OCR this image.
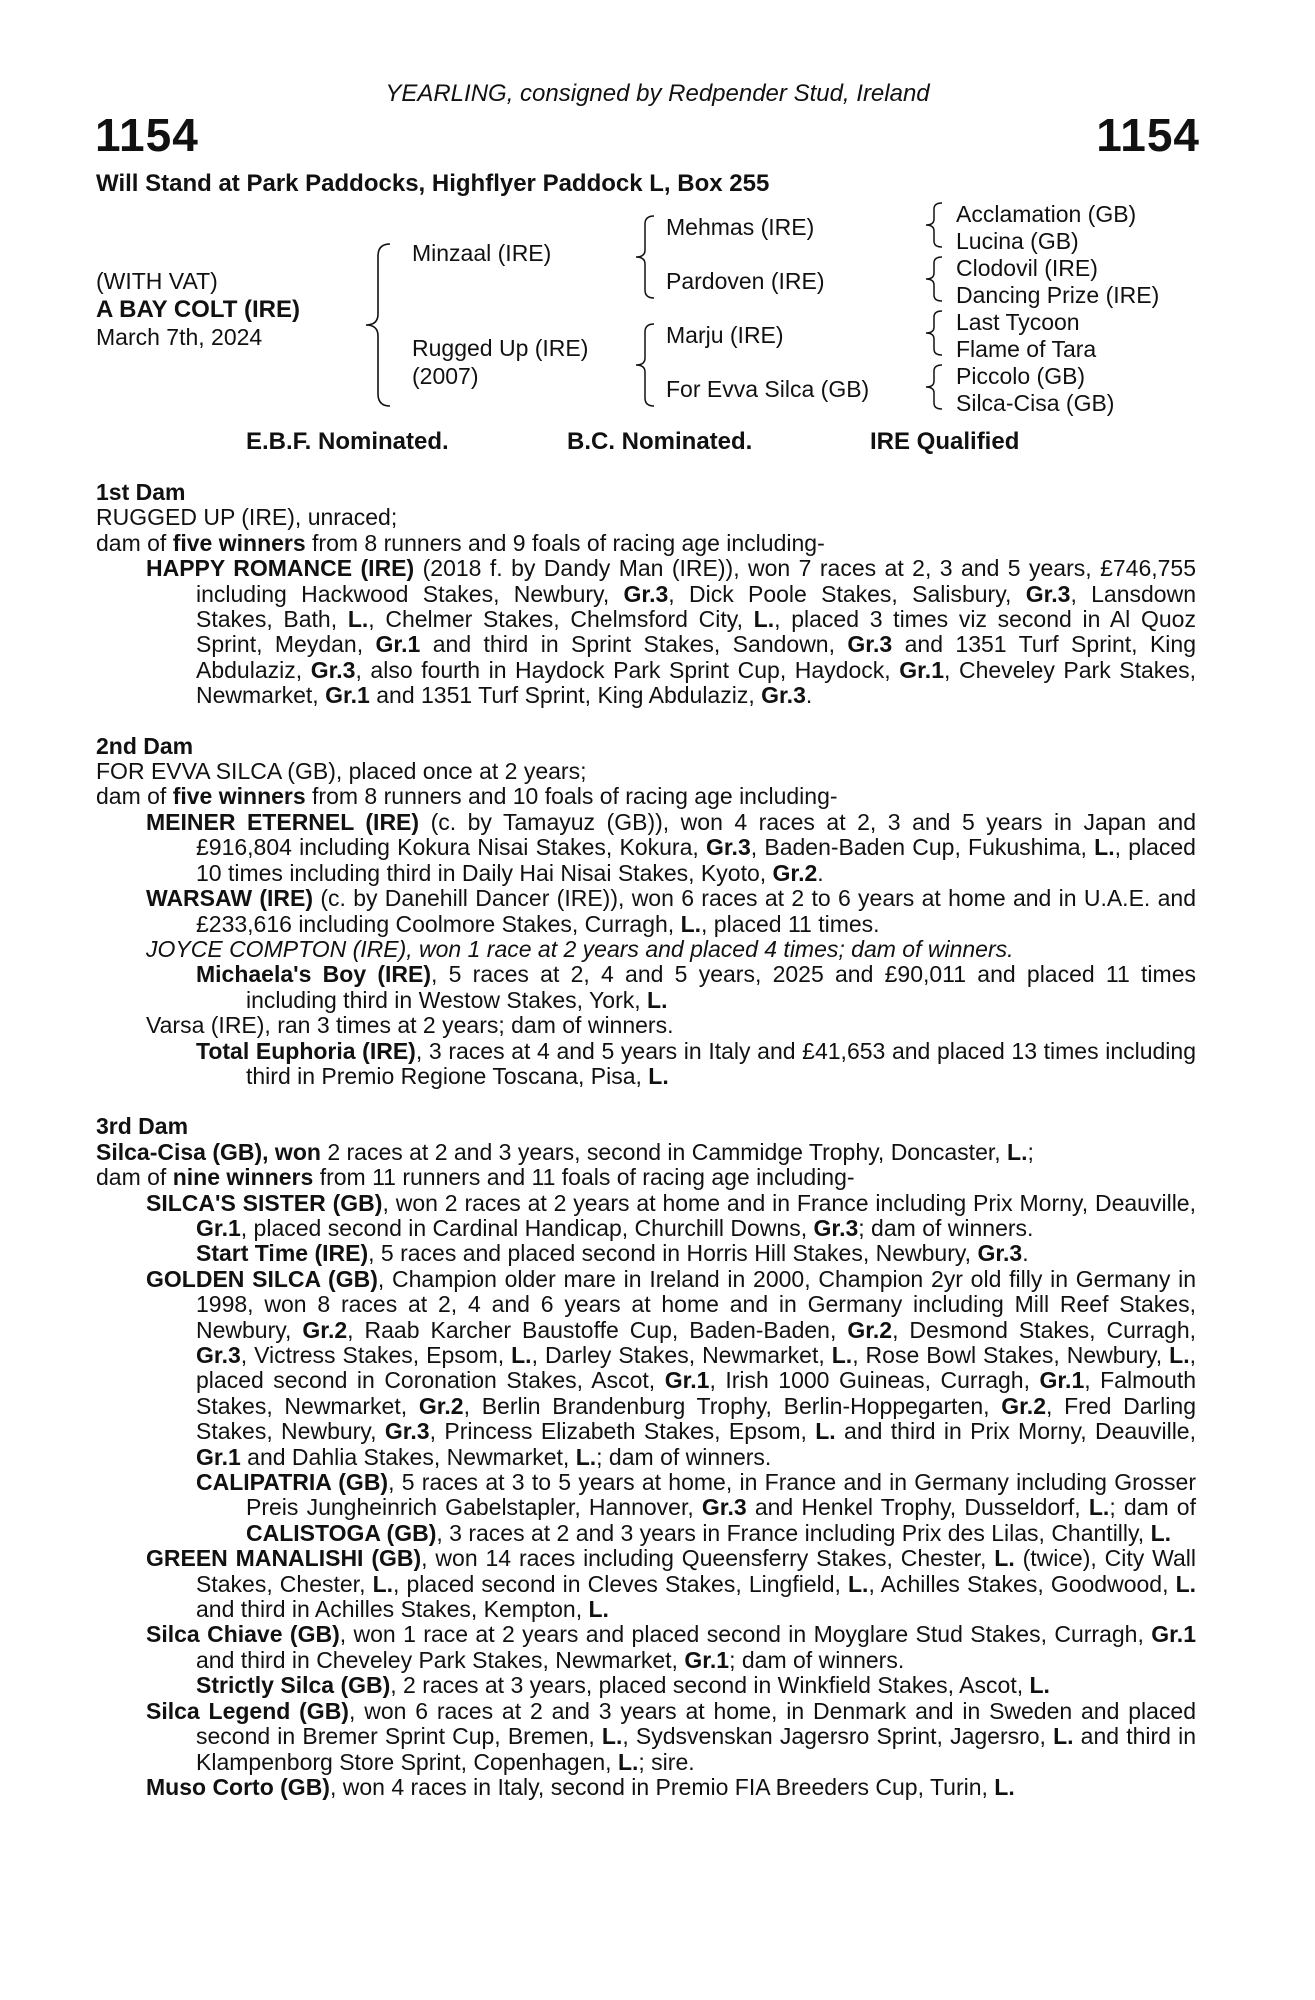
YEARLING, consigned by Redpender Stud, Ireland
1154	1154
Will Stand at Park Paddocks, Highflyer Paddock L, Box 255
(WITH VAT)
A BAY COLT (IRE)
March 7th, 2024
Minzaal (IRE)
Rugged Up (IRE)
(2007)
Mehmas (IRE)
Pardoven (IRE)
Marju (IRE)
For Evva Silca (GB)
Acclamation (GB)
Lucina (GB)
Clodovil (IRE)
Dancing Prize (IRE)
Last Tycoon
Flame of Tara
Piccolo (GB)
Silca-Cisa (GB)
E.B.F. Nominated.	B.C. Nominated.	IRE Qualified
1st Dam
RUGGED UP (IRE), unraced;
dam of five winners from 8 runners and 9 foals of racing age including-
HAPPY ROMANCE (IRE) (2018 f. by Dandy Man (IRE)), won 7 races at 2, 3 and 5 years, £746,755 including Hackwood Stakes, Newbury, Gr.3, Dick Poole Stakes, Salisbury, Gr.3, Lansdown Stakes, Bath, L., Chelmer Stakes, Chelmsford City, L., placed 3 times viz second in Al Quoz Sprint, Meydan, Gr.1 and third in Sprint Stakes, Sandown, Gr.3 and 1351 Turf Sprint, King Abdulaziz, Gr.3, also fourth in Haydock Park Sprint Cup, Haydock, Gr.1, Cheveley Park Stakes, Newmarket, Gr.1 and 1351 Turf Sprint, King Abdulaziz, Gr.3.
2nd Dam
FOR EVVA SILCA (GB), placed once at 2 years;
dam of five winners from 8 runners and 10 foals of racing age including-
MEINER ETERNEL (IRE) (c. by Tamayuz (GB)), won 4 races at 2, 3 and 5 years in Japan and £916,804 including Kokura Nisai Stakes, Kokura, Gr.3, Baden-Baden Cup, Fukushima, L., placed 10 times including third in Daily Hai Nisai Stakes, Kyoto, Gr.2.
WARSAW (IRE) (c. by Danehill Dancer (IRE)), won 6 races at 2 to 6 years at home and in U.A.E. and £233,616 including Coolmore Stakes, Curragh, L., placed 11 times.
JOYCE COMPTON (IRE), won 1 race at 2 years and placed 4 times; dam of winners.
Michaela's Boy (IRE), 5 races at 2, 4 and 5 years, 2025 and £90,011 and placed 11 times including third in Westow Stakes, York, L.
Varsa (IRE), ran 3 times at 2 years; dam of winners.
Total Euphoria (IRE), 3 races at 4 and 5 years in Italy and £41,653 and placed 13 times including third in Premio Regione Toscana, Pisa, L.
3rd Dam
Silca-Cisa (GB), won 2 races at 2 and 3 years, second in Cammidge Trophy, Doncaster, L.;
dam of nine winners from 11 runners and 11 foals of racing age including-
SILCA'S SISTER (GB), won 2 races at 2 years at home and in France including Prix Morny, Deauville, Gr.1, placed second in Cardinal Handicap, Churchill Downs, Gr.3; dam of winners.
Start Time (IRE), 5 races and placed second in Horris Hill Stakes, Newbury, Gr.3.
GOLDEN SILCA (GB), Champion older mare in Ireland in 2000, Champion 2yr old filly in Germany in 1998, won 8 races at 2, 4 and 6 years at home and in Germany including Mill Reef Stakes, Newbury, Gr.2, Raab Karcher Baustoffe Cup, Baden-Baden, Gr.2, Desmond Stakes, Curragh, Gr.3, Victress Stakes, Epsom, L., Darley Stakes, Newmarket, L., Rose Bowl Stakes, Newbury, L., placed second in Coronation Stakes, Ascot, Gr.1, Irish 1000 Guineas, Curragh, Gr.1, Falmouth Stakes, Newmarket, Gr.2, Berlin Brandenburg Trophy, Berlin-Hoppegarten, Gr.2, Fred Darling Stakes, Newbury, Gr.3, Princess Elizabeth Stakes, Epsom, L. and third in Prix Morny, Deauville, Gr.1 and Dahlia Stakes, Newmarket, L.; dam of winners.
CALIPATRIA (GB), 5 races at 3 to 5 years at home, in France and in Germany including Grosser Preis Jungheinrich Gabelstapler, Hannover, Gr.3 and Henkel Trophy, Dusseldorf, L.; dam of CALISTOGA (GB), 3 races at 2 and 3 years in France including Prix des Lilas, Chantilly, L.
GREEN MANALISHI (GB), won 14 races including Queensferry Stakes, Chester, L. (twice), City Wall Stakes, Chester, L., placed second in Cleves Stakes, Lingfield, L., Achilles Stakes, Goodwood, L. and third in Achilles Stakes, Kempton, L.
Silca Chiave (GB), won 1 race at 2 years and placed second in Moyglare Stud Stakes, Curragh, Gr.1 and third in Cheveley Park Stakes, Newmarket, Gr.1; dam of winners.
Strictly Silca (GB), 2 races at 3 years, placed second in Winkfield Stakes, Ascot, L.
Silca Legend (GB), won 6 races at 2 and 3 years at home, in Denmark and in Sweden and placed second in Bremer Sprint Cup, Bremen, L., Sydsvenskan Jagersro Sprint, Jagersro, L. and third in Klampenborg Store Sprint, Copenhagen, L.; sire.
Muso Corto (GB), won 4 races in Italy, second in Premio FIA Breeders Cup, Turin, L.
